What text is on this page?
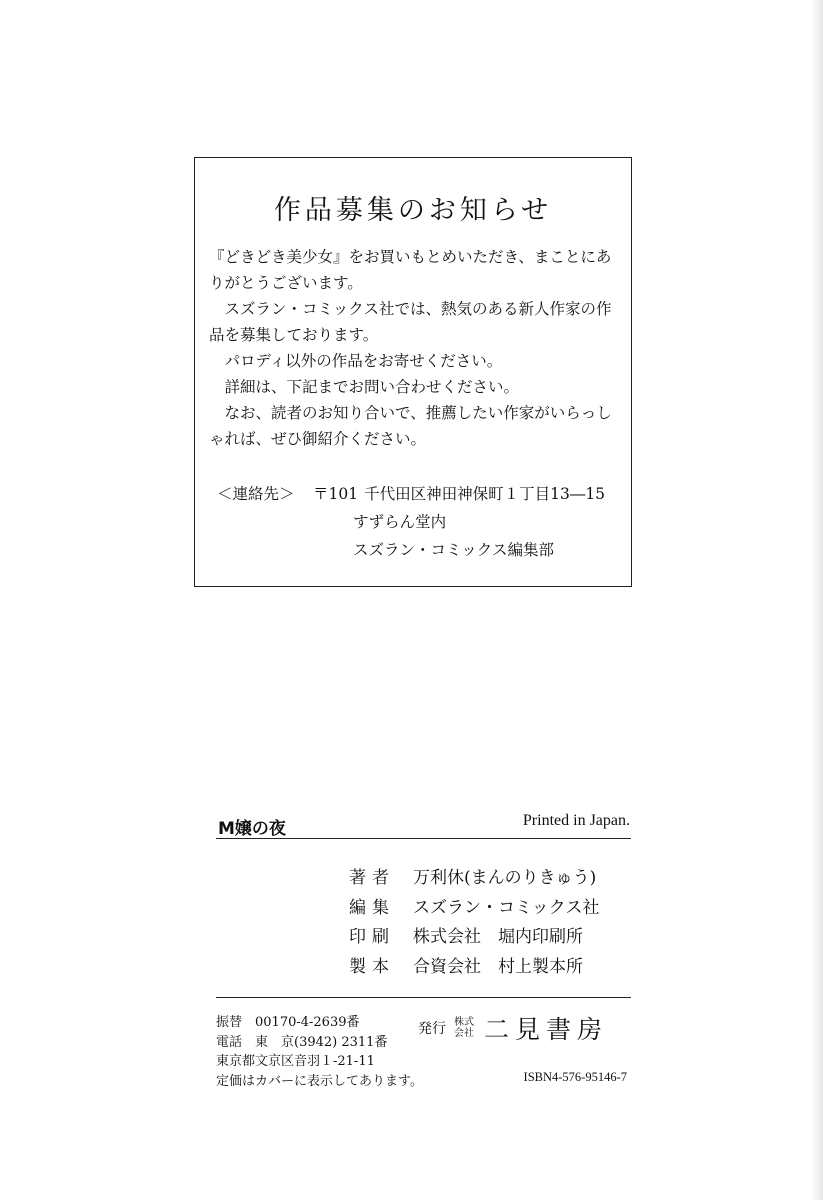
作品募集のお知らせ

『どきどき美少女』をお買いもとめいただき、まことにあ

りがとうございます。

スズラン・コミックス社では、熱気のある新人作家の作

品を募集しております。

パロディ以外の作品をお寄せください。

詳細は、下記までお問い合わせください。

なお、読者のお知り合いで、推薦したい作家がいらっし

ゃれば、ぜひ御紹介ください。

＜連絡先＞	〒101 千代田区神田神保町１丁目13―15
すずらん堂内
スズラン・コミックス編集部
M嬢の夜	Printed in Japan.
著者	万利休(まんのりきゅう)
編集	スズラン・コミックス社
印刷	株式会社　堀内印刷所
製本	合資会社　村上製本所
振替　00170-4-2639番
電話　東　京(3942) 2311番
東京都文京区音羽１-21-11
定価はカバーに表示してあります。
発行 株式
会社 二見書房
ISBN4-576-95146-7
